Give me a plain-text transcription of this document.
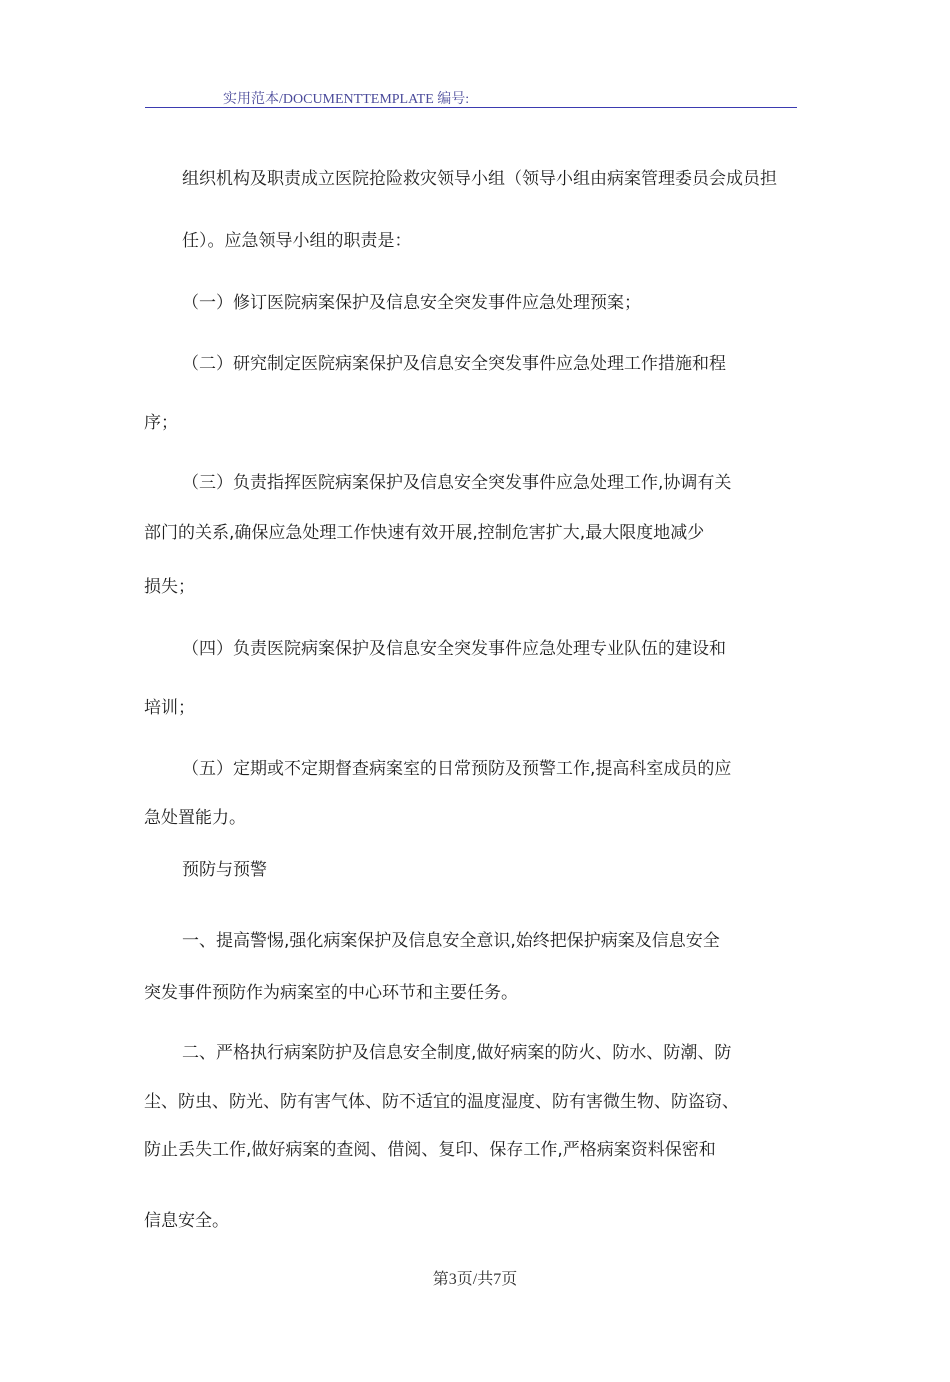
实用范本/DOCUMENTTEMPLATE 编号:
组织机构及职责成立医院抢险救灾领导小组（领导小组由病案管理委员会成员担
任）。应急领导小组的职责是：
（一）修订医院病案保护及信息安全突发事件应急处理预案；
（二）研究制定医院病案保护及信息安全突发事件应急处理工作措施和程
序；
（三）负责指挥医院病案保护及信息安全突发事件应急处理工作,协调有关
部门的关系,确保应急处理工作快速有效开展,控制危害扩大,最大限度地减少
损失；
（四）负责医院病案保护及信息安全突发事件应急处理专业队伍的建设和
培训；
（五）定期或不定期督查病案室的日常预防及预警工作,提高科室成员的应
急处置能力。
预防与预警
一、提高警惕,强化病案保护及信息安全意识,始终把保护病案及信息安全
突发事件预防作为病案室的中心环节和主要任务。
二、严格执行病案防护及信息安全制度,做好病案的防火、防水、防潮、防
尘、防虫、防光、防有害气体、防不适宜的温度湿度、防有害微生物、防盗窃、
防止丢失工作,做好病案的查阅、借阅、复印、保存工作,严格病案资料保密和
信息安全。
第3页/共7页
